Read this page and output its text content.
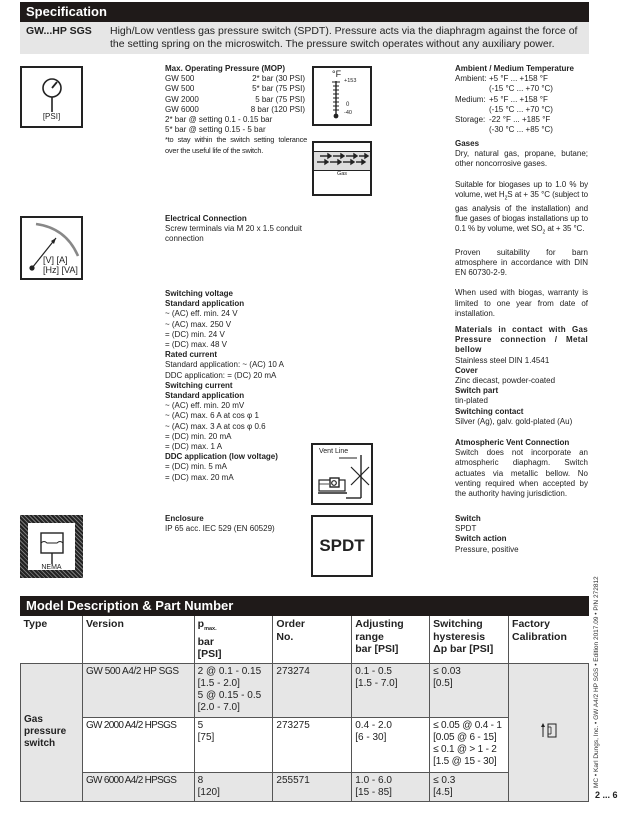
Specification
GW...HP SGS	High/Low ventless gas pressure switch (SPDT). Pressure acts via the diaphragm against the force of the setting spring on the microswitch. The pressure switch operates without any auxiliary power.
[PSI]
Max. Operating Pressure (MOP)
GW 500	2* bar (30 PSI)
GW 500	5* bar (75 PSI)
GW 2000	5 bar (75 PSI)
GW 6000	8 bar (120 PSI)
2* bar @ setting 0.1 - 0.15 bar
5* bar @ setting 0.15 - 5 bar
*to stay within the switch setting tolerance over the useful life of the switch.
°F
+153
0
-40
Gas
Ambient / Medium Temperature
Ambient: +5 °F ... +158 °F
(-15 °C ... +70 °C)
Medium: +5 °F ... +158 °F
(-15 °C ... +70 °C)
Storage: -22 °F ... +185 °F
(-30 °C ... +85 °C)
Gases
Dry, natural gas, propane, butane; other noncorrosive gases.
Suitable for biogases up to 1.0 % by volume, wet $H_2S$ at + 35 °C (subject to gas analysis of the installation) and flue gases of biogas installations up to 0.1 % by volume, wet $SO_2$ at + 35 °C.
Proven suitability for barn atmosphere in accordance with DIN EN 60730-2-9.
When used with biogas, warranty is limited to one year from date of installation.
[V] [A]
[Hz] [VA]
Electrical Connection
Screw terminals via M 20 x 1.5 conduit connection
Switching voltage
Standard application
~ (AC) eff. min. 24 V
~ (AC) max. 250 V
= (DC) min. 24 V
= (DC) max. 48 V
Rated current
Standard application: ~ (AC) 10 A
DDC application: = (DC) 20 mA
Switching current
Standard application
~ (AC) eff. min. 20 mV
~ (AC) max. 6 A at cos φ 1
~ (AC) max. 3 A at cos φ 0.6
= (DC) min. 20 mA
= (DC) max. 1 A
DDC application (low voltage)
= (DC) min. 5 mA
= (DC) max. 20 mA
Materials in contact with Gas Pressure connection / Metal bellow
Stainless steel DIN 1.4541
Cover
Zinc diecast, powder-coated
Switch part
tin-plated
Switching contact
Silver (Ag), galv. gold-plated (Au)
Vent Line
Atmospheric Vent Connection
Switch does not incorporate an atmospheric diaphagm. Switch actuates via metallic bellow. No venting required when accepted by the authority having jurisdiction.
NEMA
Enclosure
IP 65 acc. IEC 529 (EN 60529)
SPDT
Switch
SPDT
Switch action
Pressure, positive
Model Description & Part Number
Type	Version	$p_{max.}$
bar
[PSI]	Order
No.	Adjusting
range
bar [PSI]	Switching
hysteresis
Δp bar [PSI]	Factory
Calibration
Gas pressure switch	GW 500 A4/2 HP SGS	2 @ 0.1 - 0.15
[1.5 - 2.0]
5 @ 0.15 - 0.5
[2.0 - 7.0]
	273274	0.1 - 0.5
[1.5 - 7.0]

≤ 0.03
[0.5]

GW 2000 A4/2 HPSGS	5
[75]
	273275	0.4 - 2.0
[6 - 30]

≤ 0.05 @ 0.4 - 1
[0.05 @ 6 - 15]
≤ 0.1 @ > 1 - 2
[1.5 @ 15 - 30]

GW 6000 A4/2 HPSGS	8
[120]
	255571	1.0 - 6.0
[15 - 85]

≤ 0.3
[4.5]
MC • Karl Dungs, Inc. • GW A4/2 HP SGS • Edition 2017.09 • P/N 272812
2 ... 6
